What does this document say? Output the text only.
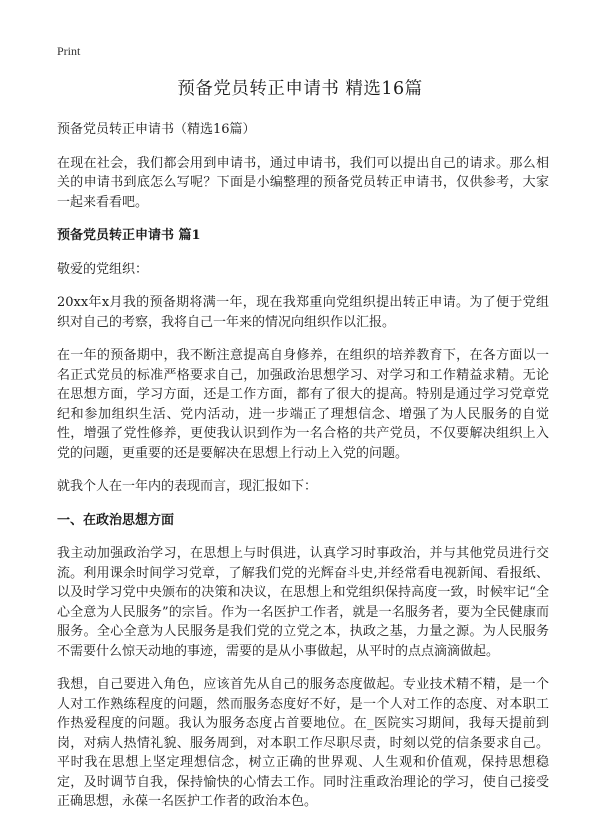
Print
预备党员转正申请书 精选16篇

预备党员转正申请书（精选16篇）

在现在社会，我们都会用到申请书，通过申请书，我们可以提出自己的请求。那么相关的申请书到底怎么写呢？下面是小编整理的预备党员转正申请书，仅供参考，大家一起来看看吧。

预备党员转正申请书 篇1

敬爱的党组织：

20xx年x月我的预备期将满一年，现在我郑重向党组织提出转正申请。为了便于党组织对自己的考察，我将自己一年来的情况向组织作以汇报。

在一年的预备期中，我不断注意提高自身修养，在组织的培养教育下，在各方面以一名正式党员的标准严格要求自己，加强政治思想学习、对学习和工作精益求精。无论在思想方面，学习方面，还是工作方面，都有了很大的提高。特别是通过学习党章党纪和参加组织生活、党内活动，进一步端正了理想信念、增强了为人民服务的自觉性，增强了党性修养，更使我认识到作为一名合格的共产党员，不仅要解决组织上入党的问题，更重要的还是要解决在思想上行动上入党的问题。

就我个人在一年内的表现而言，现汇报如下：

一、在政治思想方面

我主动加强政治学习，在思想上与时俱进，认真学习时事政治，并与其他党员进行交流。利用课余时间学习党章，了解我们党的光辉奋斗史,并经常看电视新闻、看报纸、以及时学习党中央颁布的决策和决议，在思想上和党组织保持高度一致，时候牢记“全心全意为人民服务”的宗旨。作为一名医护工作者，就是一名服务者，要为全民健康而服务。全心全意为人民服务是我们党的立党之本，执政之基，力量之源。为人民服务不需要什么惊天动地的事迹，需要的是从小事做起，从平时的点点滴滴做起。

我想，自己要进入角色，应该首先从自己的服务态度做起。专业技术精不精，是一个人对工作熟练程度的问题，然而服务态度好不好，是一个人对工作的态度、对本职工作热爱程度的问题。我认为服务态度占首要地位。在_医院实习期间，我每天提前到岗，对病人热情礼貌、服务周到，对本职工作尽职尽责，时刻以党的信条要求自己。平时我在思想上坚定理想信念，树立正确的世界观、人生观和价值观，保持思想稳定，及时调节自我，保持愉快的心情去工作。同时注重政治理论的学习，使自己接受正确思想，永葆一名医护工作者的政治本色。
